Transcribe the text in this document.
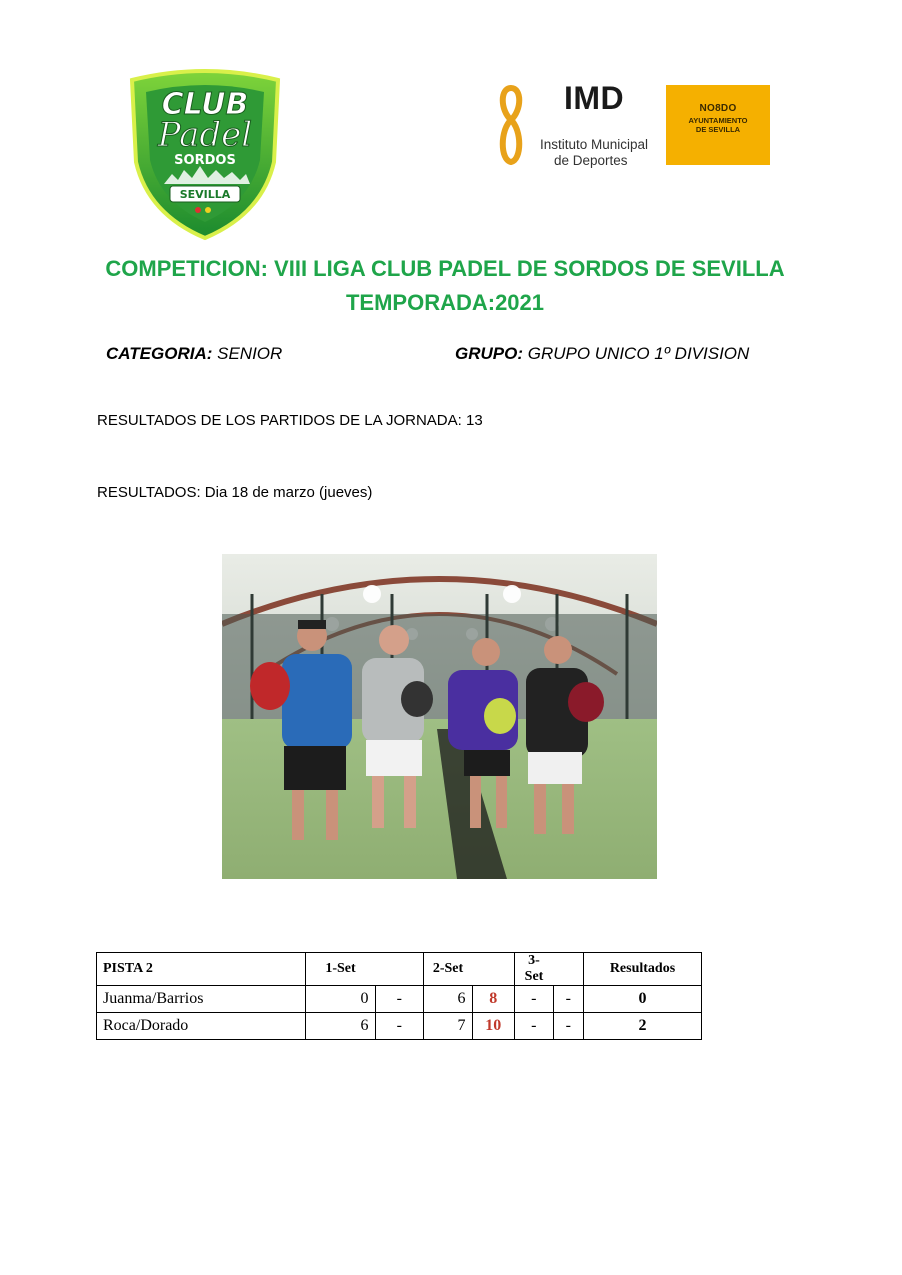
CLUB
Padel
SORDOS
SEVILLA
IMD
Instituto Municipal
de Deportes
NO8DO
AYUNTAMIENTO
DE SEVILLA
COMPETICION: VIII LIGA CLUB PADEL DE SORDOS DE SEVILLA
TEMPORADA:2021
CATEGORIA: SENIOR	GRUPO: GRUPO UNICO 1º DIVISION
RESULTADOS DE LOS PARTIDOS DE LA JORNADA: 13
RESULTADOS: Dia 18 de marzo (jueves)
PISTA 2	1-Set		2-Set		3-Set		Resultados
Juanma/Barrios	0	-	6	8	-	-	0
Roca/Dorado	6	-	7	10	-	-	2
